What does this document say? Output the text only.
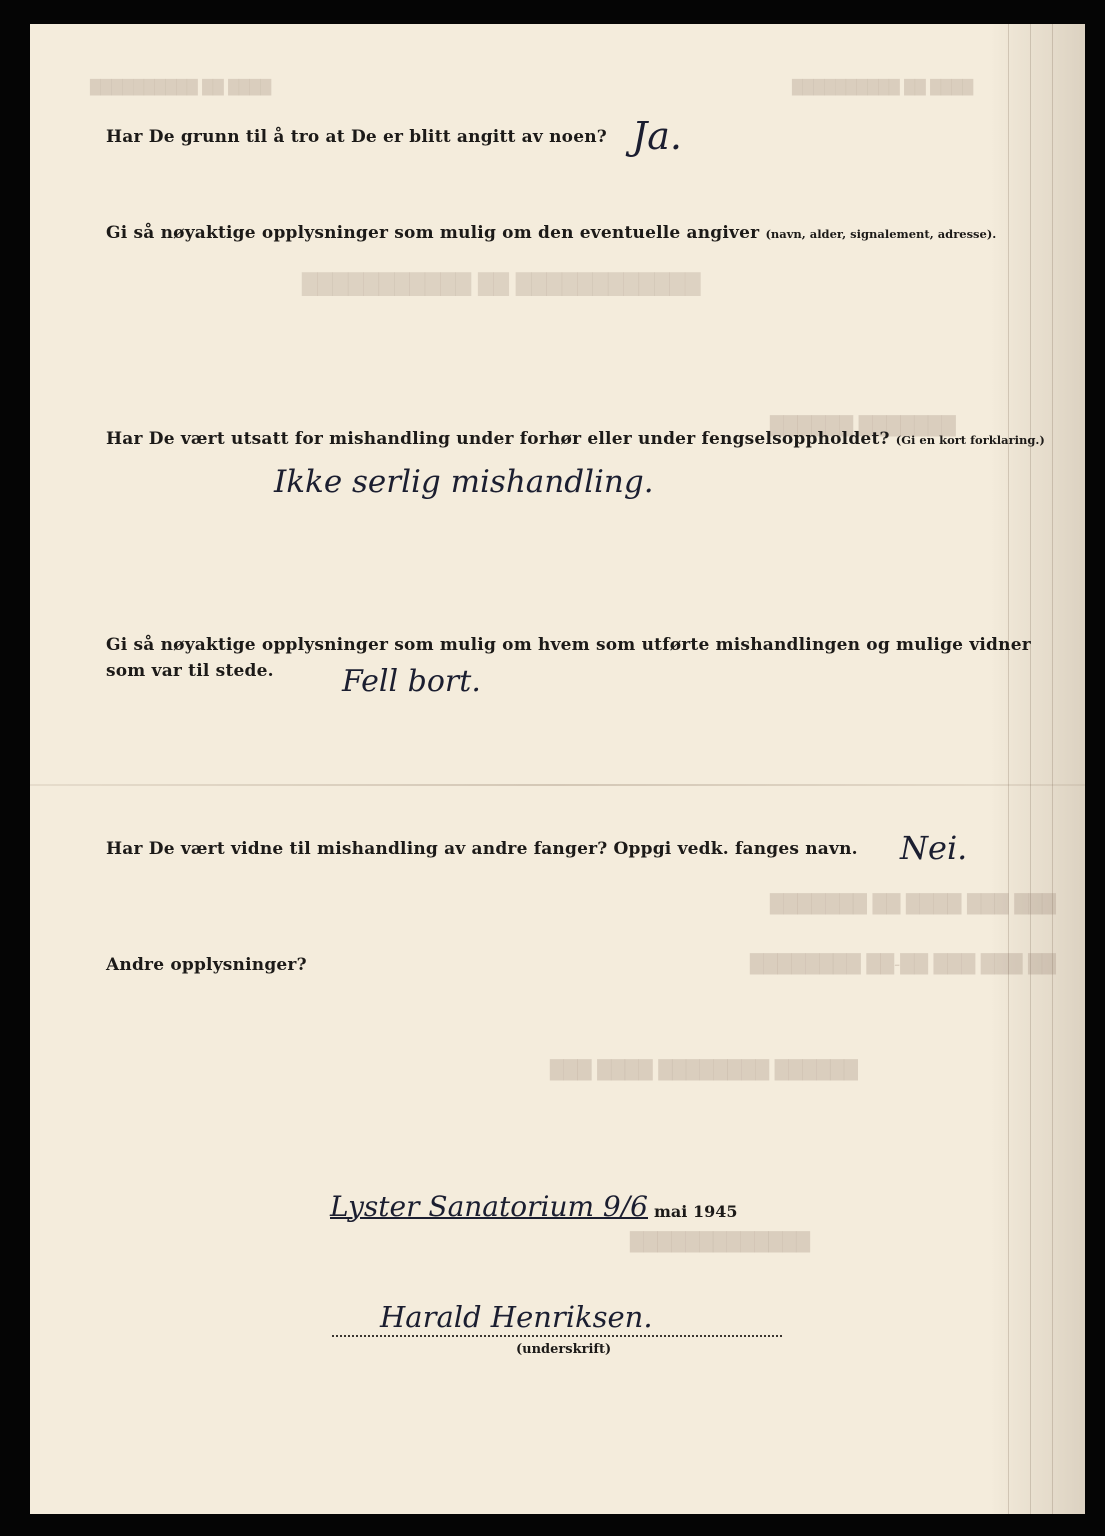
███████████ ██ ████████████
██████████ ██ ████	██████████ ██ ████
██████ ███████
███████ ██ ████ ███ ███
████████ ██-██ ███ ███ ██
███ ████ ████████ ██████
█████████████
Har De grunn til å tro at De er blitt angitt av noen? Ja.
Gi så nøyaktige opplysninger som mulig om den eventuelle angiver (navn, alder, signalement, adresse).
Har De vært utsatt for mishandling under forhør eller under fengselsoppholdet? (Gi en kort forklaring.)
Ikke serlig mishandling.
Gi så nøyaktige opplysninger som mulig om hvem som utførte mishandlingen og mulige vidner
som var til stede. Fell bort.
Har De vært vidne til mishandling av andre fanger? Oppgi vedk. fanges navn. Nei.
Andre opplysninger?
Lyster Sanatorium 9/6 mai 1945
Harald Henriksen.
(underskrift)
